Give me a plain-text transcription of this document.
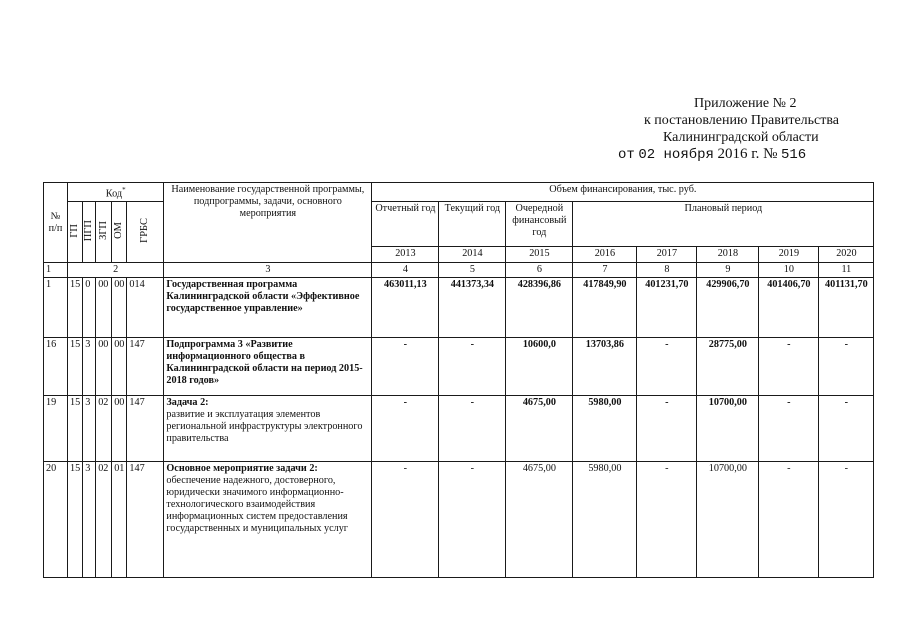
Приложение № 2
к постановлению Правительства
Калининградской области
от 02 ноября 2016 г. № 516
№ п/п	Код*					Наименование государственной программы, подпрограммы, задачи, основного мероприятия	Объем финансирования, тыс. руб.							
	ГП	ПГП	ЗГП	ОМ	ГРБС		Отчетный год	Текущий год	Очередной финансовый год	Плановый период				
							2013	2014	2015	2016	2017	2018	2019	2020
1	2					3	4	5	6	7	8	9	10	11
1	15	0	00	00	014	Государственная программа Калининградской области «Эффективное государственное управление»	463011,13	441373,34	428396,86	417849,90	401231,70	429906,70	401406,70	401131,70
16	15	3	00	00	147	Подпрограмма 3 «Развитие информационного общества в Калининградской области на период 2015-2018 годов»	-	-	10600,0	13703,86	-	28775,00	-	-
19	15	3	02	00	147	Задача 2:
развитие и эксплуатация элементов региональной инфраструктуры электронного правительства	-	-	4675,00	5980,00	-	10700,00	-	-
20	15	3	02	01	147	Основное мероприятие задачи 2:
обеспечение надежного, достоверного, юридически значимого информационно-технологического взаимодействия информационных систем предоставления государственных и муниципальных услуг	-	-	4675,00	5980,00	-	10700,00	-	-
